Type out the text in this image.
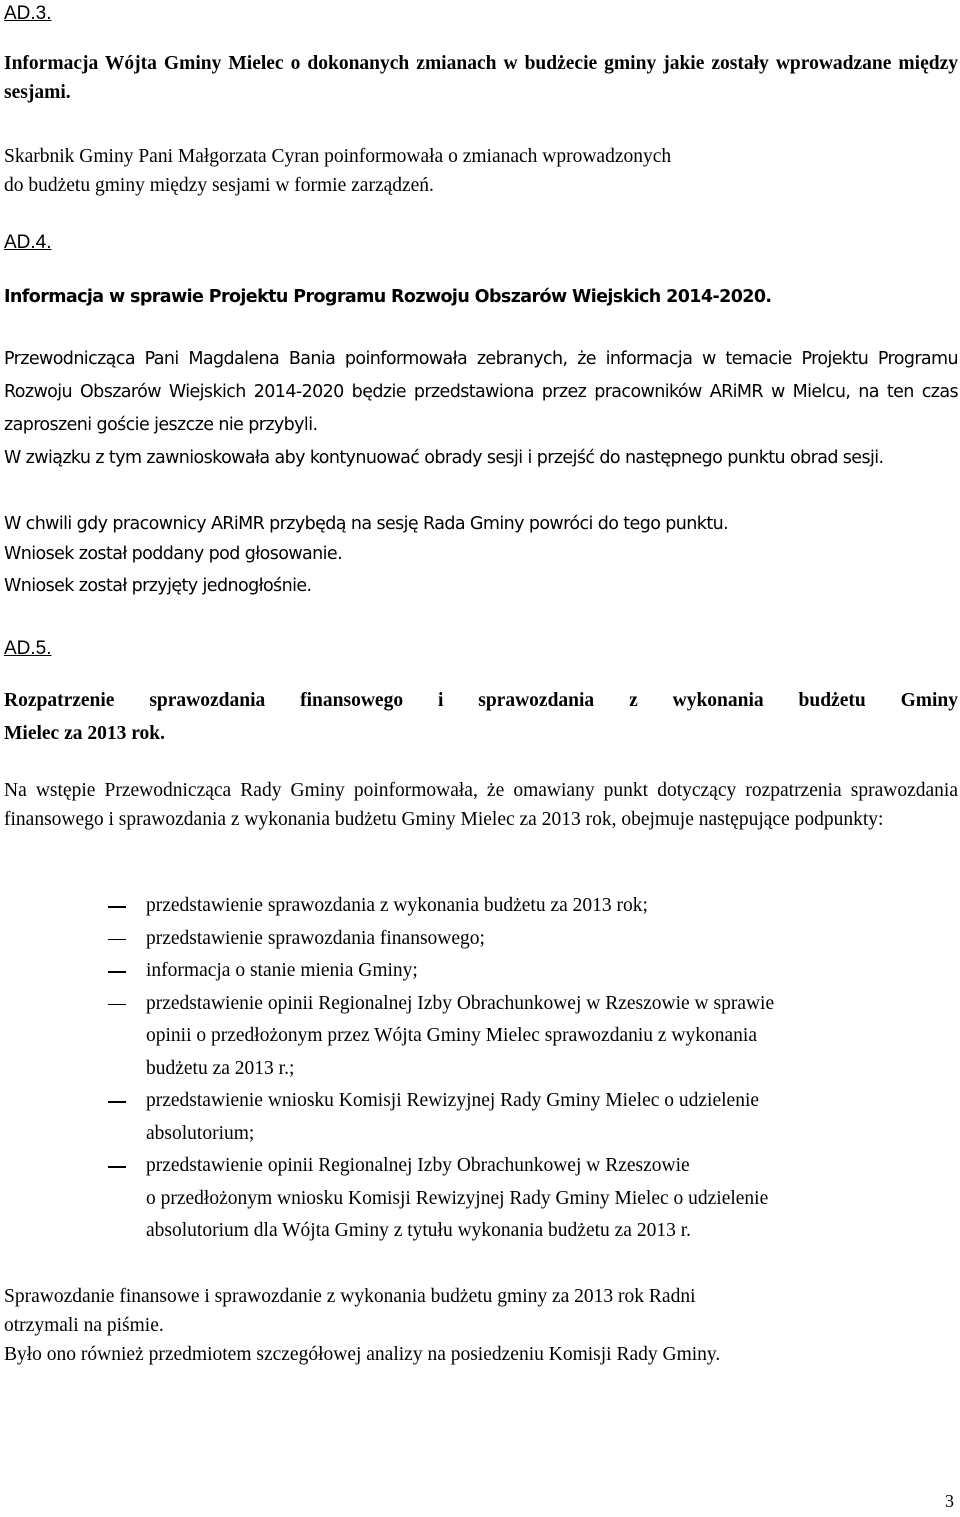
AD.3.

Informacja Wójta Gminy Mielec o dokonanych zmianach w budżecie gminy jakie zostały wprowadzane między sesjami.

Skarbnik Gminy Pani Małgorzata Cyran poinformowała o zmianach wprowadzonych
do budżetu gminy między sesjami w formie zarządzeń.

AD.4.

Informacja w sprawie Projektu Programu Rozwoju Obszarów Wiejskich 2014-2020.

Przewodnicząca Pani Magdalena Bania poinformowała zebranych, że informacja w temacie Projektu Programu Rozwoju Obszarów Wiejskich 2014-2020 będzie przedstawiona przez pracowników ARiMR w Mielcu, na ten czas zaproszeni goście jeszcze nie przybyli.

W związku z tym zawnioskowała aby kontynuować obrady sesji i przejść do następnego punktu obrad sesji.

W chwili gdy pracownicy ARiMR przybędą na sesję Rada Gminy powróci do tego punktu.

Wniosek został poddany pod głosowanie.

Wniosek został przyjęty jednogłośnie.

AD.5.

Rozpatrzenie sprawozdania finansowego i sprawozdania z wykonania budżetu Gminy

Mielec za 2013 rok.

Na wstępie Przewodnicząca Rady Gminy poinformowała, że omawiany punkt dotyczący rozpatrzenia sprawozdania finansowego i sprawozdania z wykonania budżetu Gminy Mielec za 2013 rok, obejmuje następujące podpunkty:

przedstawienie sprawozdania z wykonania budżetu za 2013 rok;
przedstawienie sprawozdania finansowego;
informacja o stanie mienia Gminy;
przedstawienie opinii Regionalnej Izby Obrachunkowej w Rzeszowie w sprawie
opinii o przedłożonym przez Wójta Gminy Mielec sprawozdaniu z wykonania
budżetu za 2013 r.;
przedstawienie wniosku Komisji Rewizyjnej Rady Gminy Mielec o udzielenie
absolutorium;
przedstawienie opinii Regionalnej Izby Obrachunkowej w Rzeszowie
o przedłożonym wniosku Komisji Rewizyjnej Rady Gminy Mielec o udzielenie
absolutorium dla Wójta Gminy z tytułu wykonania budżetu za 2013 r.

Sprawozdanie finansowe i sprawozdanie z wykonania budżetu gminy za 2013 rok Radni
otrzymali na piśmie.
Było ono również przedmiotem szczegółowej analizy na posiedzeniu Komisji Rady Gminy.

3
